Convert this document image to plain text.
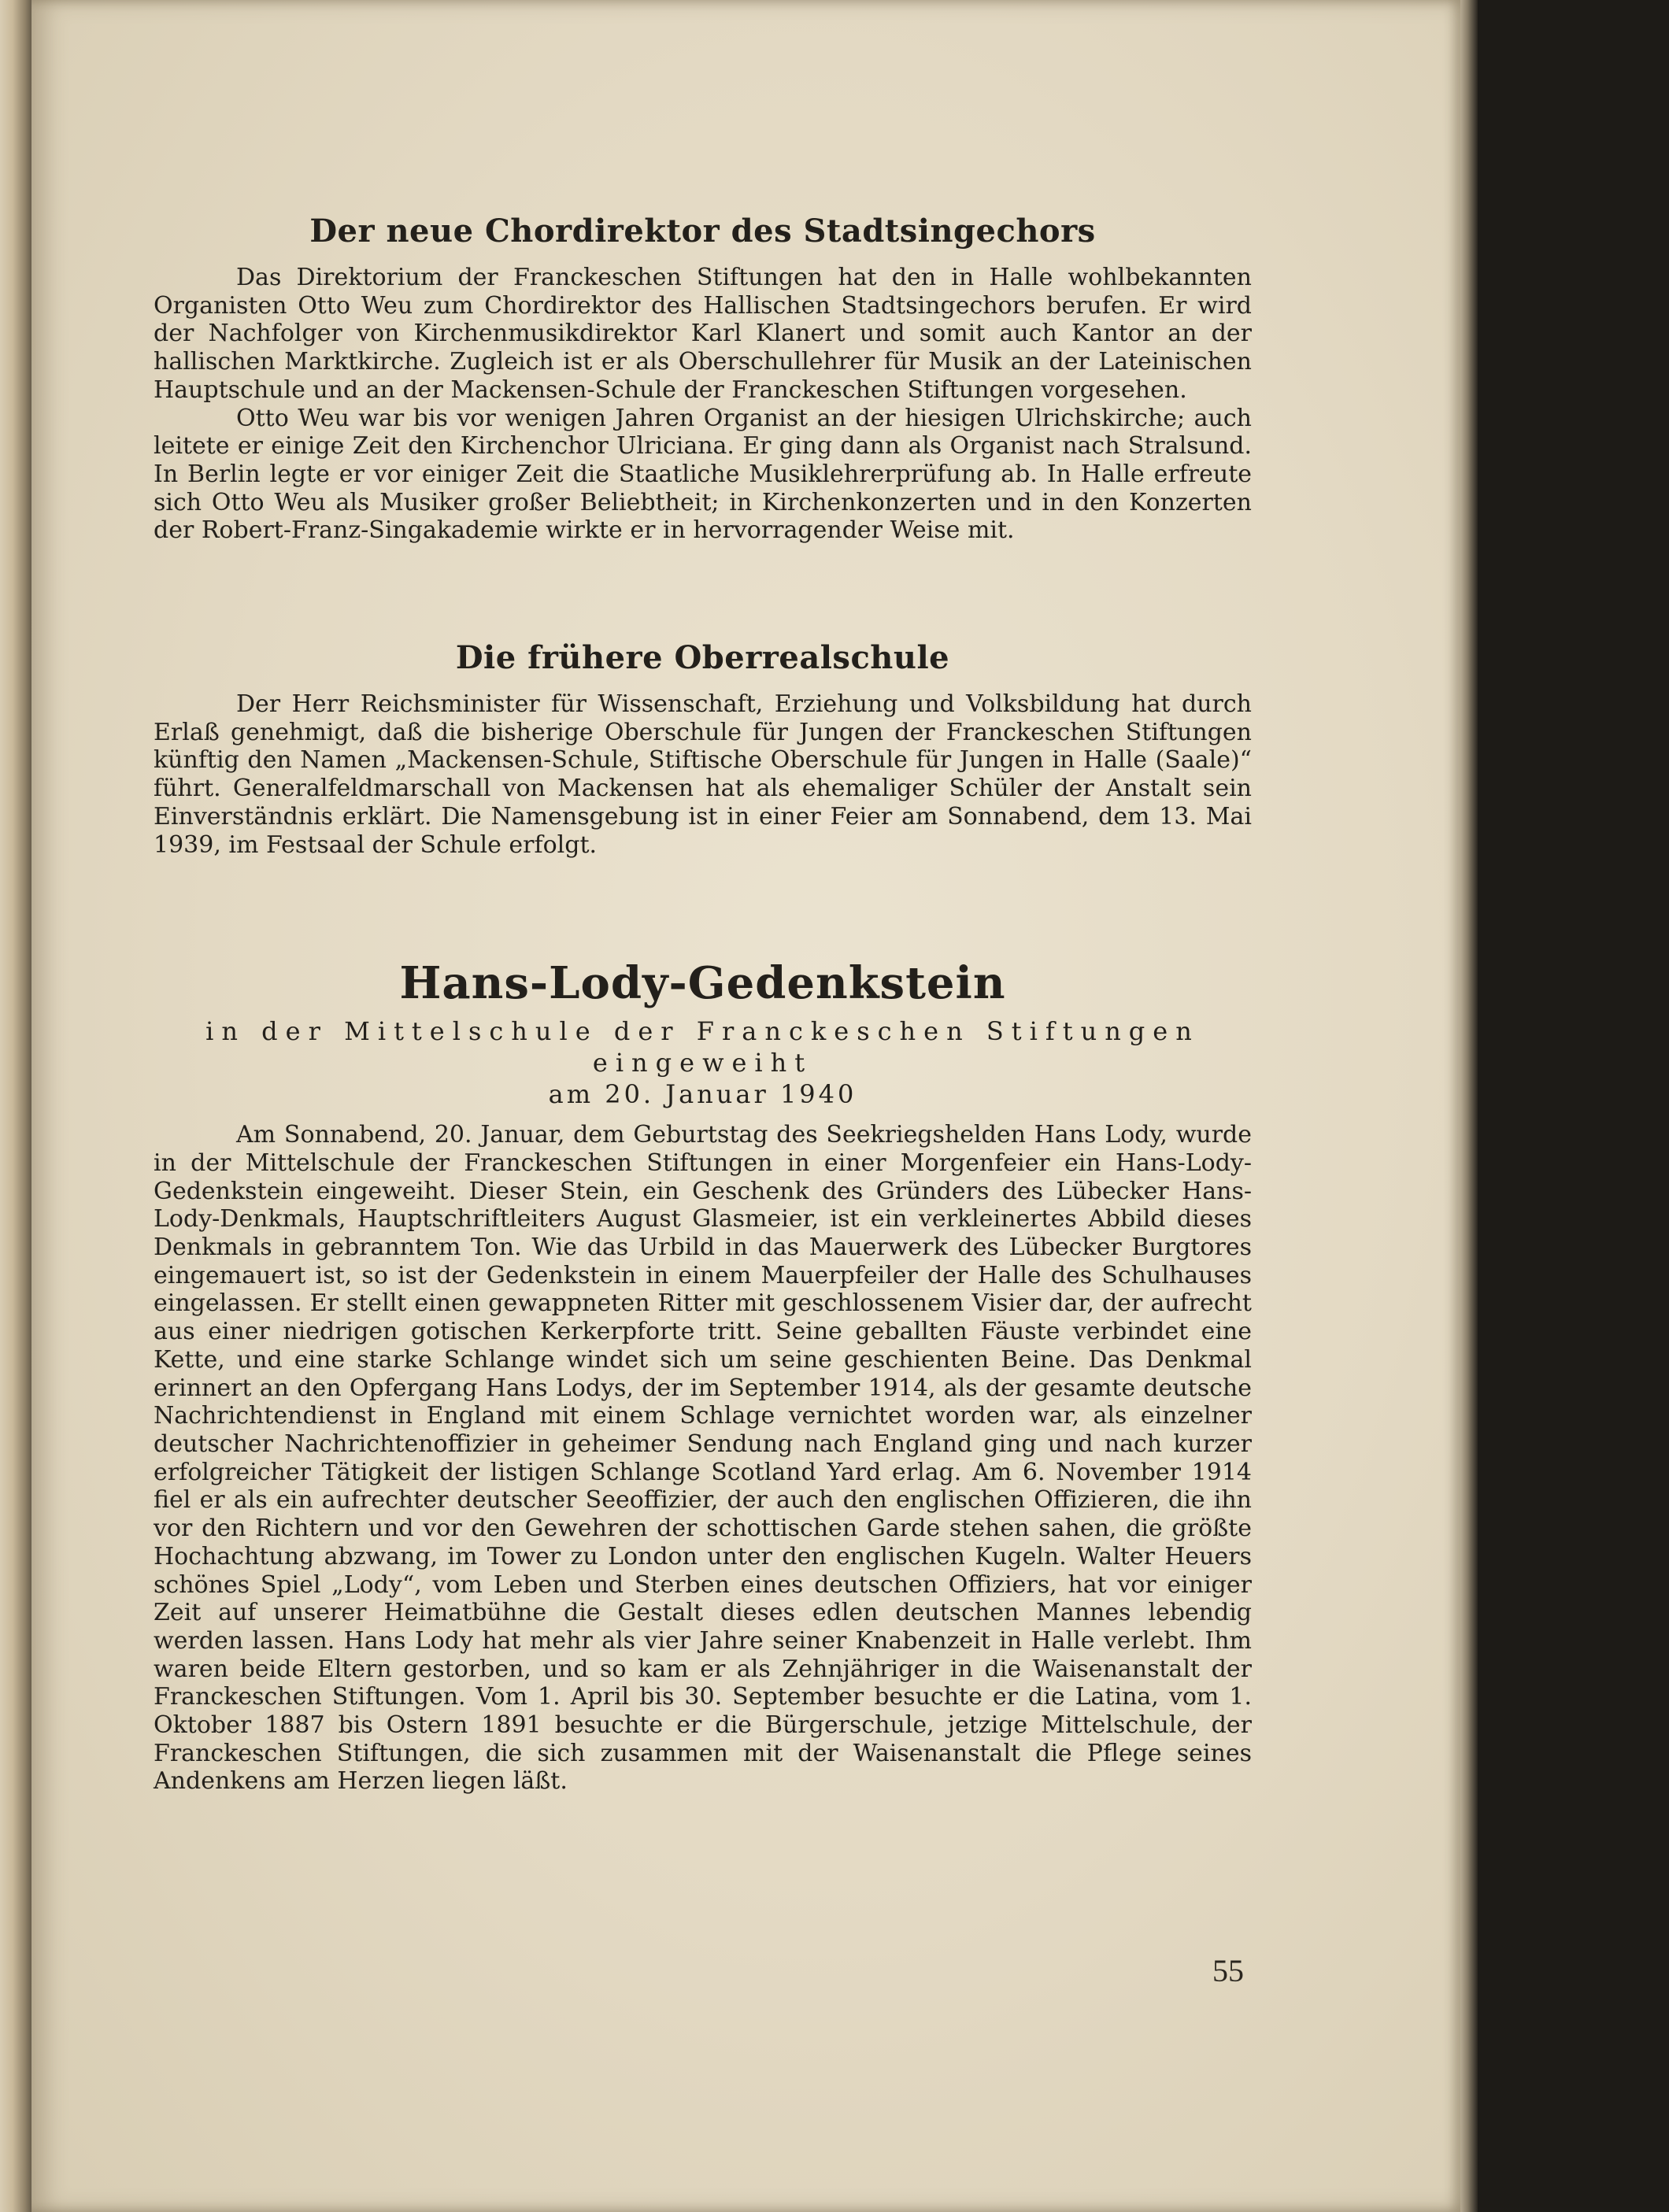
Der neue Chordirektor des Stadtsingechors

Das Direktorium der Franckeschen Stiftungen hat den in Halle wohlbekannten Organisten Otto Weu zum Chordirektor des Hallischen Stadtsingechors berufen. Er wird der Nachfolger von Kirchenmusikdirektor Karl Klanert und somit auch Kantor an der hallischen Marktkirche. Zugleich ist er als Oberschullehrer für Musik an der Lateinischen Hauptschule und an der Mackensen-Schule der Franckeschen Stiftungen vorgesehen.

Otto Weu war bis vor wenigen Jahren Organist an der hiesigen Ulrichskirche; auch leitete er einige Zeit den Kirchenchor Ulriciana. Er ging dann als Organist nach Stralsund. In Berlin legte er vor einiger Zeit die Staatliche Musiklehrerprüfung ab. In Halle erfreute sich Otto Weu als Musiker großer Beliebtheit; in Kirchenkonzerten und in den Konzerten der Robert-Franz-Singakademie wirkte er in hervorragender Weise mit.

Die frühere Oberrealschule

Der Herr Reichsminister für Wissenschaft, Erziehung und Volksbildung hat durch Erlaß genehmigt, daß die bisherige Oberschule für Jungen der Franckeschen Stiftungen künftig den Namen „Mackensen-Schule, Stiftische Oberschule für Jungen in Halle (Saale)“ führt. Generalfeldmarschall von Mackensen hat als ehemaliger Schüler der Anstalt sein Einverständnis erklärt. Die Namensgebung ist in einer Feier am Sonnabend, dem 13. Mai 1939, im Festsaal der Schule erfolgt.

Hans-Lody-Gedenkstein

in der Mittelschule der Franckeschen Stiftungen eingeweiht

am 20. Januar 1940

Am Sonnabend, 20. Januar, dem Geburtstag des Seekriegshelden Hans Lody, wurde in der Mittelschule der Franckeschen Stiftungen in einer Morgenfeier ein Hans-Lody-Gedenkstein eingeweiht. Dieser Stein, ein Geschenk des Gründers des Lübecker Hans-Lody-Denkmals, Hauptschriftleiters August Glasmeier, ist ein verkleinertes Abbild dieses Denkmals in gebranntem Ton. Wie das Urbild in das Mauerwerk des Lübecker Burgtores eingemauert ist, so ist der Gedenkstein in einem Mauerpfeiler der Halle des Schulhauses eingelassen. Er stellt einen gewappneten Ritter mit geschlossenem Visier dar, der aufrecht aus einer niedrigen gotischen Kerkerpforte tritt. Seine geballten Fäuste verbindet eine Kette, und eine starke Schlange windet sich um seine geschienten Beine. Das Denkmal erinnert an den Opfergang Hans Lodys, der im September 1914, als der gesamte deutsche Nachrichtendienst in England mit einem Schlage vernichtet worden war, als einzelner deutscher Nachrichtenoffizier in geheimer Sendung nach England ging und nach kurzer erfolgreicher Tätigkeit der listigen Schlange Scotland Yard erlag. Am 6. November 1914 fiel er als ein aufrechter deutscher Seeoffizier, der auch den englischen Offizieren, die ihn vor den Richtern und vor den Gewehren der schottischen Garde stehen sahen, die größte Hochachtung abzwang, im Tower zu London unter den englischen Kugeln. Walter Heuers schönes Spiel „Lody“, vom Leben und Sterben eines deutschen Offiziers, hat vor einiger Zeit auf unserer Heimatbühne die Gestalt dieses edlen deutschen Mannes lebendig werden lassen. Hans Lody hat mehr als vier Jahre seiner Knabenzeit in Halle verlebt. Ihm waren beide Eltern gestorben, und so kam er als Zehnjähriger in die Waisenanstalt der Franckeschen Stiftungen. Vom 1. April bis 30. September besuchte er die Latina, vom 1. Oktober 1887 bis Ostern 1891 besuchte er die Bürgerschule, jetzige Mittelschule, der Franckeschen Stiftungen, die sich zusammen mit der Waisenanstalt die Pflege seines Andenkens am Herzen liegen läßt.

55
